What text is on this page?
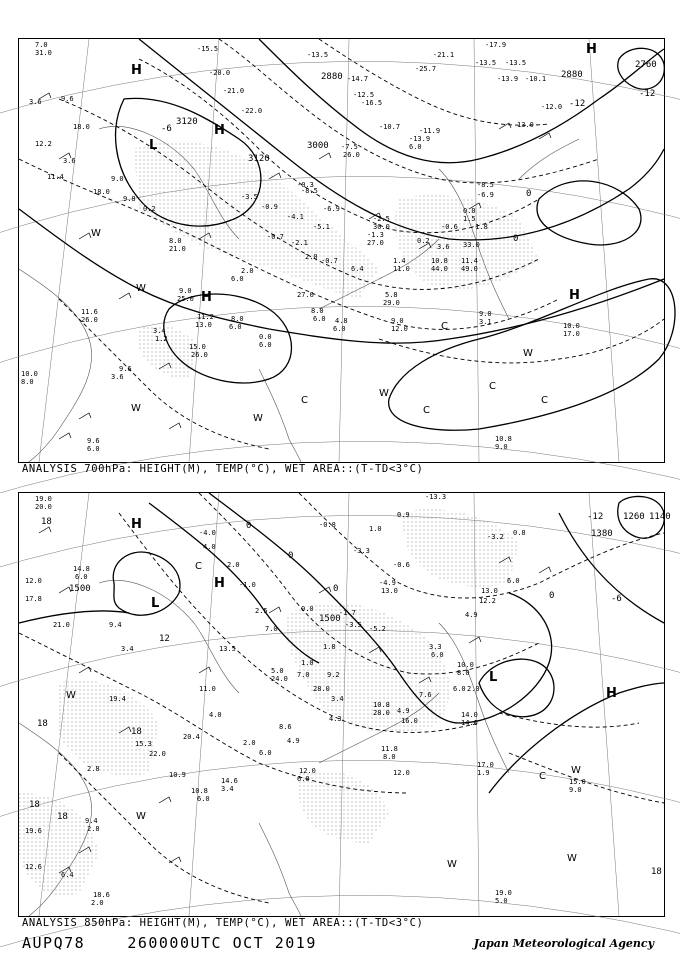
H
H
L
H	H
H
W
W
W
W
W
W
C
C
C
C
C
3120
3120
3000
2880
2760
2880
-12
-12
0
0
-6
7.0
31.0
3.6	9.6
12.2
18.0
3.6
11.4	9.0
18.0
9.8
0.2
8.0
21.0
9.0
25.0
11.2
13.0
3.4
1.2
11.6
26.0
15.0
26.0
9.6
3.6
10.0
8.0
9.6
6.0
8.0
6.0
0.0
6.0
8.0
6.0 4.8
6.0
5.8
29.0
9.0
12.0
9.0
3.1	10.0
17.0
10.8
9.0
11.4
49.0
10.8
44.0
0.2
3.6
1.4
11.0
-1.3
27.0
-2.5
30.0	-0.6 -1.8
33.0
0.0
1.5
-6.9
-8.5
-11.9
-13.9
6.0
-10.7
-7.5
26.0
-6.9
-8.5
-3.5
-0.9
-4.1
-5.1
-0.7
-2.1
2.0 -0.7
6.4
-15.5
-20.0
-21.0
-22.0
-13.5
-14.7
-12.5
-16.5
-21.1
-25.7
-17.9
-13.5
-10.1
-13.9
-13.5
-12.0
13.0
-0.3
27.0
2.0
6.0
ANALYSIS 700hPa: HEIGHT(M), TEMP(°C), WET AREA::(T-TD<3°C)
H
H
L
L
H
W
W
W
W
W
C
C
1500
1500
1380
1140
1260
-12
-6
0
0
0
0
12
18
18
18
18
18
18
19.0
20.0
14.8
6.0
12.0
17.8
21.0	9.4
11.0
4.0
3.4
19.4
15.3
22.0
20.4
10.9
10.8
6.0
14.6
3.4
2.8
9.4
2.8
19.6
12.6
18.6
2.0
6.4
12.0
6.0
12.0
14.0
14.0
17.0
1.9
15.0
9.0
19.0
5.0
11.8
8.0
10.8
28.0 4.9
16.0
7.6
10.0
8.0
6.0 2.0
3.3
6.0
4.9
12.2
13.0
6.0
-4.9
13.0
-3.5 -5.2
-1.7
0.0
1.8
1.0
7.0 9.2
5.0
24.0
3.4
28.0
8.6
4.3
2.0
6.0
4.9
13.5
-1.0
2.0
2.5
7.0
4.0
-4.0
-13.3
-0.8
-3.2 0.8
-0.6
-3.3
0.9
1.0
ANALYSIS 850hPa: HEIGHT(M), TEMP(°C), WET AREA::(T-TD<3°C)
AUPQ78	260000UTC OCT 2019	Japan Meteorological Agency
